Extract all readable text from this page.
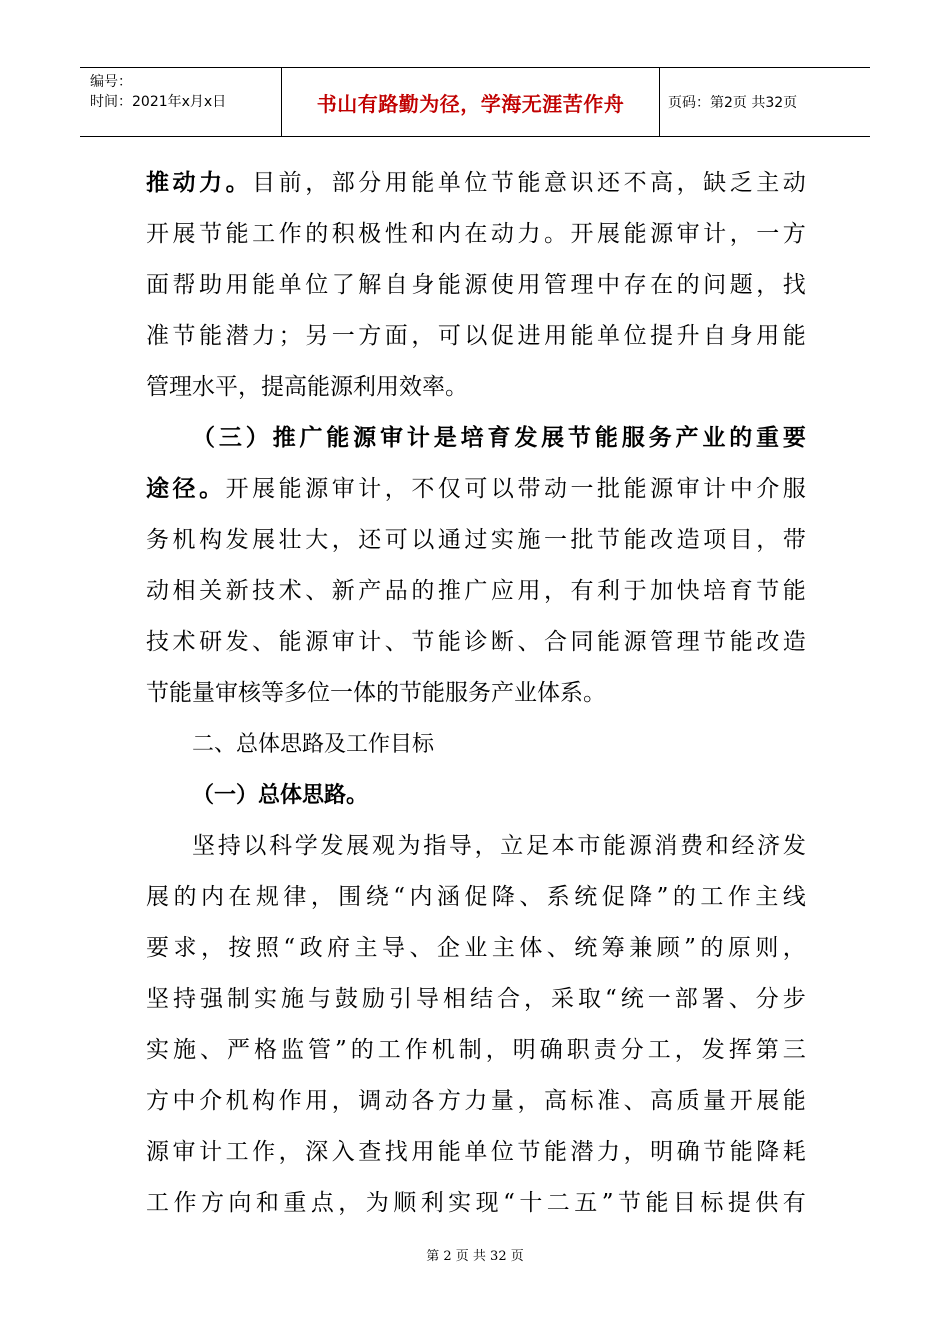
编号：
时间：2021年x月x日	书山有路勤为径，学海无涯苦作舟	页码：第2页 共32页
推 动 力 。 目 前 ， 部 分 用 能 单 位 节 能 意 识 还 不 高 ， 缺 乏 主 动
开 展 节 能 工 作 的 积 极 性 和 内 在 动 力 。 开 展 能 源 审 计 ， 一 方
面 帮 助 用 能 单 位 了 解 自 身 能 源 使 用 管 理 中 存 在 的 问 题 ， 找
准 节 能 潜 力 ； 另 一 方 面 ， 可 以 促 进 用 能 单 位 提 升 自 身 用 能
管理水平，提高能源利用效率。
（ 三 ） 推 广 能 源 审 计 是 培 育 发 展 节 能 服 务 产 业 的 重 要
途 径 。 开 展 能 源 审 计 ， 不 仅 可 以 带 动 一 批 能 源 审 计 中 介 服
务 机 构 发 展 壮 大 ， 还 可 以 通 过 实 施 一 批 节 能 改 造 项 目 ， 带
动 相 关 新 技 术 、 新 产 品 的 推 广 应 用 ， 有 利 于 加 快 培 育 节 能
技 术 研 发 、 能 源 审 计 、 节 能 诊 断 、 合 同 能 源 管 理 节 能 改 造
节能量审核等多位一体的节能服务产业体系。
二、总体思路及工作目标
（一）总体思路。
坚 持 以 科 学 发 展 观 为 指 导 ， 立 足 本 市 能 源 消 费 和 经 济 发
展 的 内 在 规 律 ， 围 绕 “ 内 涵 促 降 、 系 统 促 降 ” 的 工 作 主 线
要 求 ， 按 照 “ 政 府 主 导 、 企 业 主 体 、 统 筹 兼 顾 ” 的 原 则 ，
坚 持 强 制 实 施 与 鼓 励 引 导 相 结 合 ， 采 取 “ 统 一 部 署 、 分 步
实 施 、 严 格 监 管 ” 的 工 作 机 制 ， 明 确 职 责 分 工 ， 发 挥 第 三
方 中 介 机 构 作 用 ， 调 动 各 方 力 量 ， 高 标 准 、 高 质 量 开 展 能
源 审 计 工 作 ， 深 入 查 找 用 能 单 位 节 能 潜 力 ， 明 确 节 能 降 耗
工 作 方 向 和 重 点 ， 为 顺 利 实 现 “ 十 二 五 ” 节 能 目 标 提 供 有
第 2 页 共 32 页
